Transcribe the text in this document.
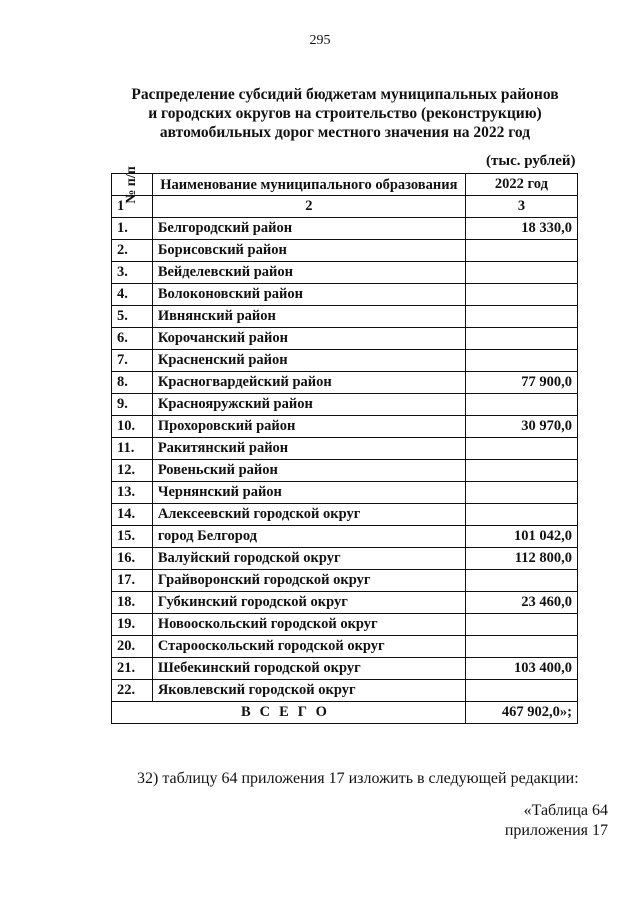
295
Распределение субсидий бюджетам муниципальных районов
и городских округов на строительство (реконструкцию)
автомобильных дорог местного значения на 2022 год
(тыс. рублей)
№ п/п	Наименование муниципального образования	2022 год
1	2	3
1.	Белгородский район	18 330,0
2.	Борисовский район	
3.	Вейделевский район	
4.	Волоконовский район	
5.	Ивнянский район	
6.	Корочанский район	
7.	Красненский район	
8.	Красногвардейский район	77 900,0
9.	Краснояружский район	
10.	Прохоровский район	30 970,0
11.	Ракитянский район	
12.	Ровеньский район	
13.	Чернянский район	
14.	Алексеевский городской округ	
15.	город Белгород	101 042,0
16.	Валуйский городской округ	112 800,0
17.	Грайворонский городской округ	
18.	Губкинский городской округ	23 460,0
19.	Новооскольский городской округ	
20.	Старооскольский городской округ	
21.	Шебекинский городской округ	103 400,0
22.	Яковлевский городской округ	
ВСЕГО		467 902,0»;
32) таблицу 64 приложения 17 изложить в следующей редакции:
«Таблица 64
приложения 17
